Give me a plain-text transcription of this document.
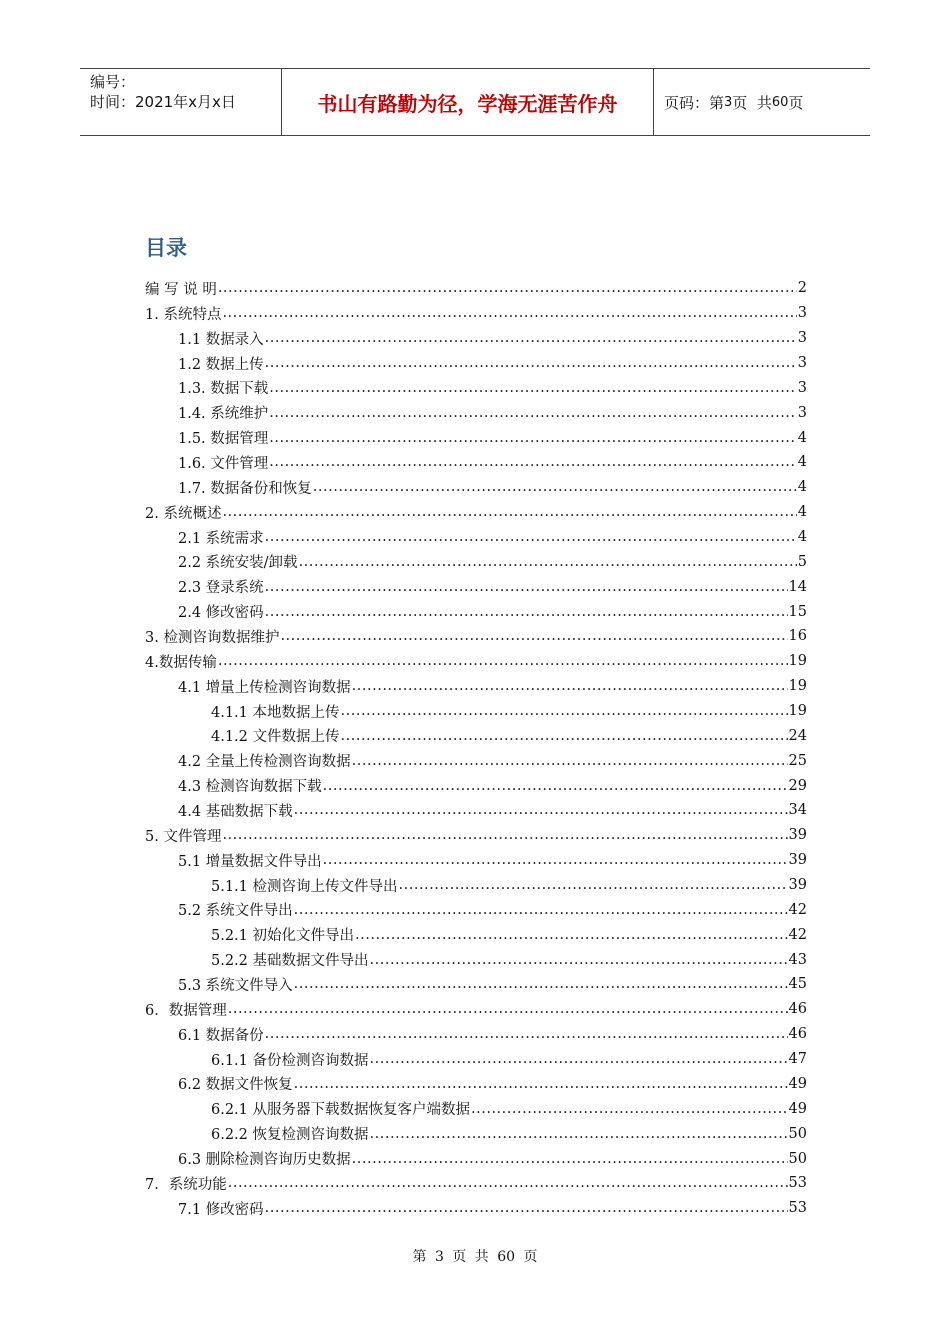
编号：
时间：2021年x月x日	书山有路勤为径，学海无涯苦作舟	页码：第 3 页  共 60 页
目录
编 写 说 明 .....	2
1. 系统特点 .....	3
1.1 数据录入 .....	3
1.2 数据上传 .....	3
1.3. 数据下载 .....	3
1.4. 系统维护 .....	3
1.5. 数据管理 .....	4
1.6. 文件管理 .....	4
1.7. 数据备份和恢复 .....	4
2. 系统概述 .....	4
2.1 系统需求 .....	4
2.2 系统安装/卸载 .....	5
2.3 登录系统 .....	14
2.4 修改密码 .....	15
3. 检测咨询数据维护 .....	16
4.数据传输 .....	19
4.1 增量上传检测咨询数据 .....	19
4.1.1 本地数据上传 .....	19
4.1.2 文件数据上传 .....	24
4.2 全量上传检测咨询数据 .....	25
4.3 检测咨询数据下载 .....	29
4.4 基础数据下载 .....	34
5. 文件管理 .....	39
5.1 增量数据文件导出 .....	39
5.1.1 检测咨询上传文件导出 .....	39
5.2 系统文件导出 .....	42
5.2.1 初始化文件导出 .....	42
5.2.2 基础数据文件导出 .....	43
5.3 系统文件导入 .....	45
6．数据管理 .....	46
6.1 数据备份 .....	46
6.1.1 备份检测咨询数据 .....	47
6.2 数据文件恢复 .....	49
6.2.1 从服务器下载数据恢复客户端数据 .....	49
6.2.2 恢复检测咨询数据 .....	50
6.3 删除检测咨询历史数据 .....	50
7．系统功能 .....	53
7.1 修改密码 .....	53
第 3 页 共 60 页
